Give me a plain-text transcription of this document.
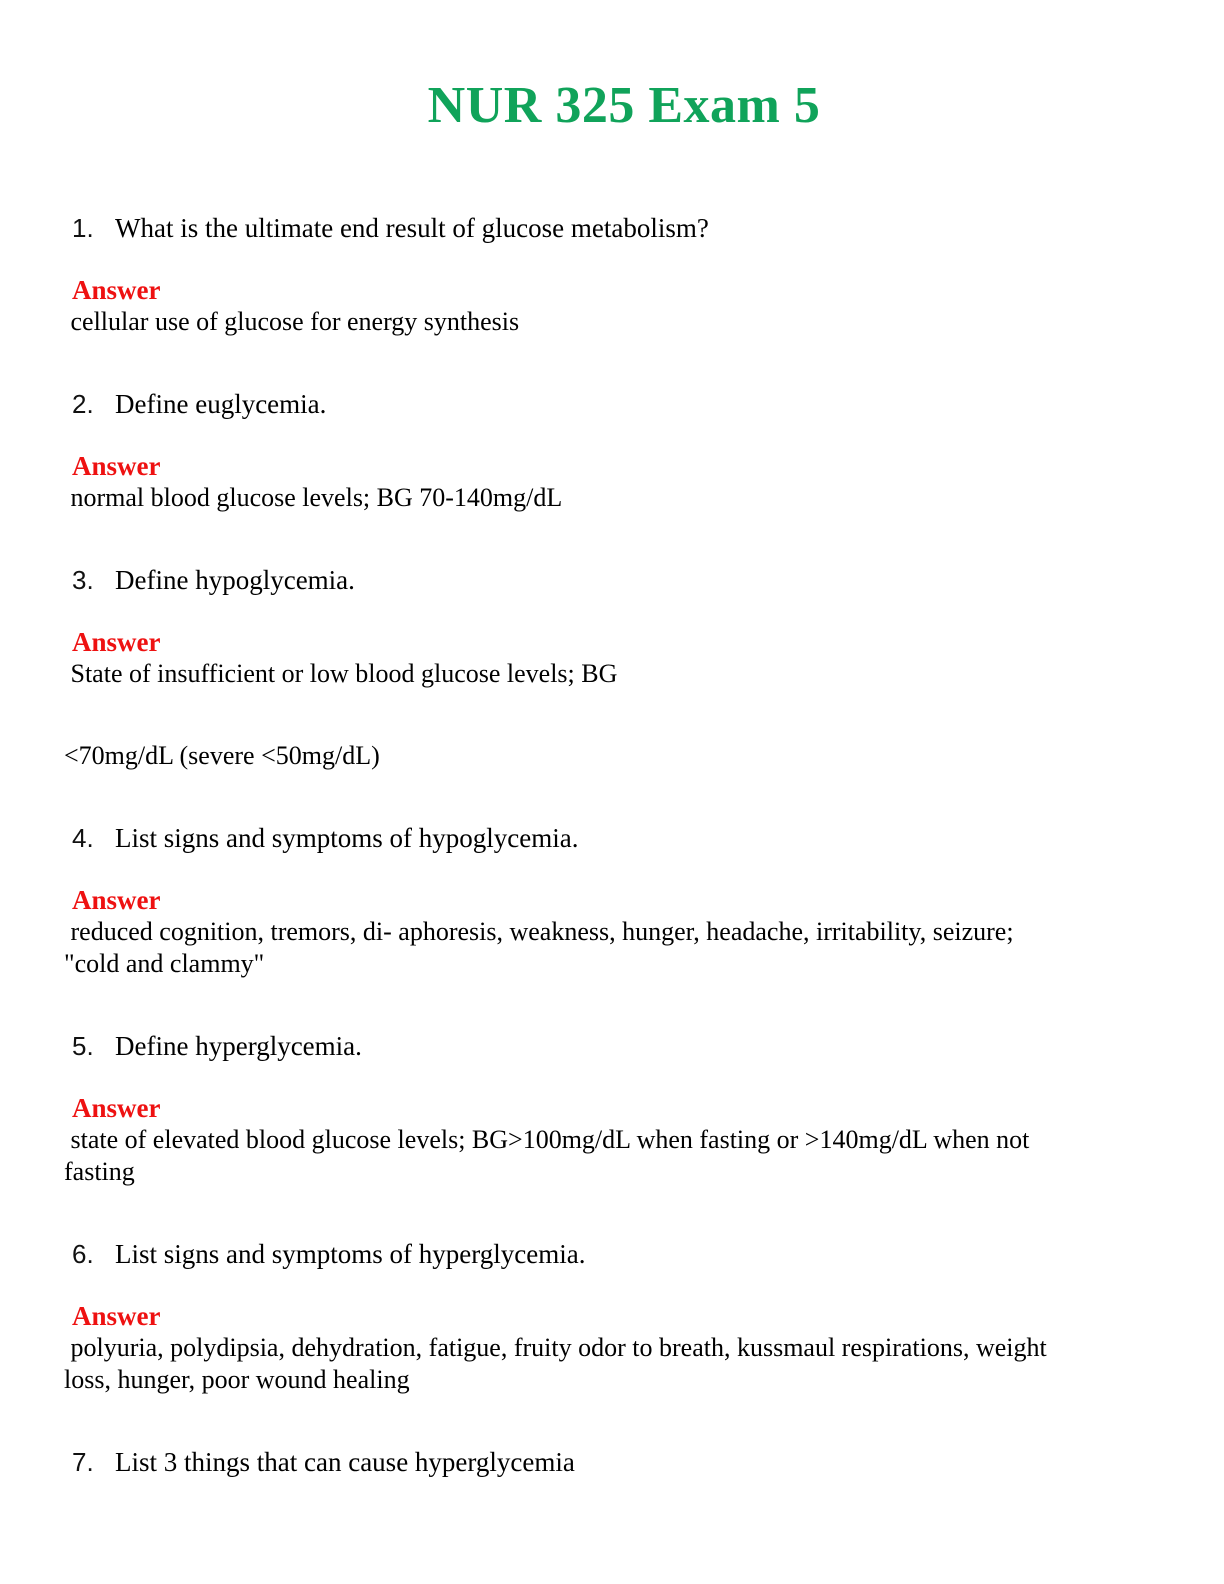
NUR 325 Exam 5
1. What is the ultimate end result of glucose metabolism?
Answer
cellular use of glucose for energy synthesis
2. Define euglycemia.
Answer
normal blood glucose levels; BG 70-140mg/dL
3. Define hypoglycemia.
Answer
State of insufficient or low blood glucose levels; BG
<70mg/dL (severe <50mg/dL)
4. List signs and symptoms of hypoglycemia.
Answer
reduced cognition, tremors, di- aphoresis, weakness, hunger, headache, irritability, seizure;
"cold and clammy"
5. Define hyperglycemia.
Answer
state of elevated blood glucose levels; BG>100mg/dL when fasting or >140mg/dL when not
fasting
6. List signs and symptoms of hyperglycemia.
Answer
polyuria, polydipsia, dehydration, fatigue, fruity odor to breath, kussmaul respirations, weight
loss, hunger, poor wound healing
7. List 3 things that can cause hyperglycemia
